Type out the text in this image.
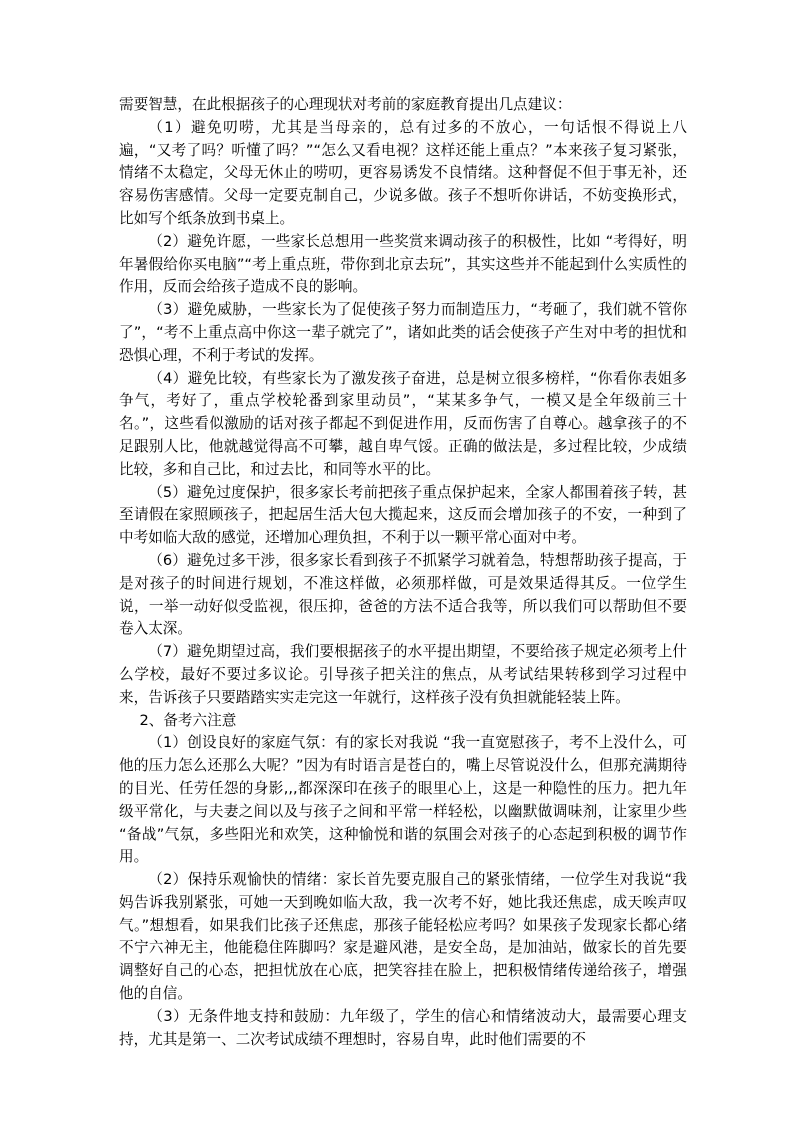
需要智慧，在此根据孩子的心理现状对考前的家庭教育提出几点建议：

（1）避免叨唠，尤其是当母亲的，总有过多的不放心，一句话恨不得说上八遍，“又考了吗？听懂了吗？”“怎么又看电视？这样还能上重点？”本来孩子复习紧张，情绪不太稳定，父母无休止的唠叨，更容易诱发不良情绪。这种督促不但于事无补，还容易伤害感情。父母一定要克制自己，少说多做。孩子不想听你讲话，不妨变换形式，比如写个纸条放到书桌上。

（2）避免许愿，一些家长总想用一些奖赏来调动孩子的积极性，比如 “考得好，明年暑假给你买电脑”“考上重点班，带你到北京去玩”，其实这些并不能起到什么实质性的作用，反而会给孩子造成不良的影响。

（3）避免威胁，一些家长为了促使孩子努力而制造压力，“考砸了，我们就不管你了”，“考不上重点高中你这一辈子就完了”，诸如此类的话会使孩子产生对中考的担忧和恐惧心理，不利于考试的发挥。

（4）避免比较，有些家长为了激发孩子奋进，总是树立很多榜样，“你看你表姐多争气，考好了，重点学校轮番到家里动员”，“某某多争气，一模又是全年级前三十名。”，这些看似激励的话对孩子都起不到促进作用，反而伤害了自尊心。越拿孩子的不足跟别人比，他就越觉得高不可攀，越自卑气馁。正确的做法是，多过程比较，少成绩比较，多和自己比，和过去比，和同等水平的比。

（5）避免过度保护，很多家长考前把孩子重点保护起来，全家人都围着孩子转，甚至请假在家照顾孩子，把起居生活大包大揽起来，这反而会增加孩子的不安，一种到了中考如临大敌的感觉，还增加心理负担，不利于以一颗平常心面对中考。

（6）避免过多干涉，很多家长看到孩子不抓紧学习就着急，特想帮助孩子提高，于是对孩子的时间进行规划，不准这样做，必须那样做，可是效果适得其反。一位学生说，一举一动好似受监视，很压抑，爸爸的方法不适合我等，所以我们可以帮助但不要卷入太深。

（7）避免期望过高，我们要根据孩子的水平提出期望，不要给孩子规定必须考上什么学校，最好不要过多议论。引导孩子把关注的焦点，从考试结果转移到学习过程中来，告诉孩子只要踏踏实实走完这一年就行，这样孩子没有负担就能轻装上阵。

2、备考六注意

（1）创设良好的家庭气氛：有的家长对我说 “我一直宽慰孩子，考不上没什么，可他的压力怎么还那么大呢？”因为有时语言是苍白的，嘴上尽管说没什么，但那充满期待的目光、任劳任怨的身影,,,都深深印在孩子的眼里心上，这是一种隐性的压力。把九年级平常化，与夫妻之间以及与孩子之间和平常一样轻松，以幽默做调味剂，让家里少些 “备战”气氛，多些阳光和欢笑，这种愉悦和谐的氛围会对孩子的心态起到积极的调节作用。

（2）保持乐观愉快的情绪：家长首先要克服自己的紧张情绪，一位学生对我说“我妈告诉我别紧张，可她一天到晚如临大敌，我一次考不好，她比我还焦虑，成天唉声叹气。”想想看，如果我们比孩子还焦虑，那孩子能轻松应考吗？如果孩子发现家长都心绪不宁六神无主，他能稳住阵脚吗？家是避风港，是安全岛，是加油站，做家长的首先要调整好自己的心态，把担忧放在心底，把笑容挂在脸上，把积极情绪传递给孩子，增强他的自信。

（3）无条件地支持和鼓励：九年级了，学生的信心和情绪波动大，最需要心理支持，尤其是第一、二次考试成绩不理想时，容易自卑，此时他们需要的不
